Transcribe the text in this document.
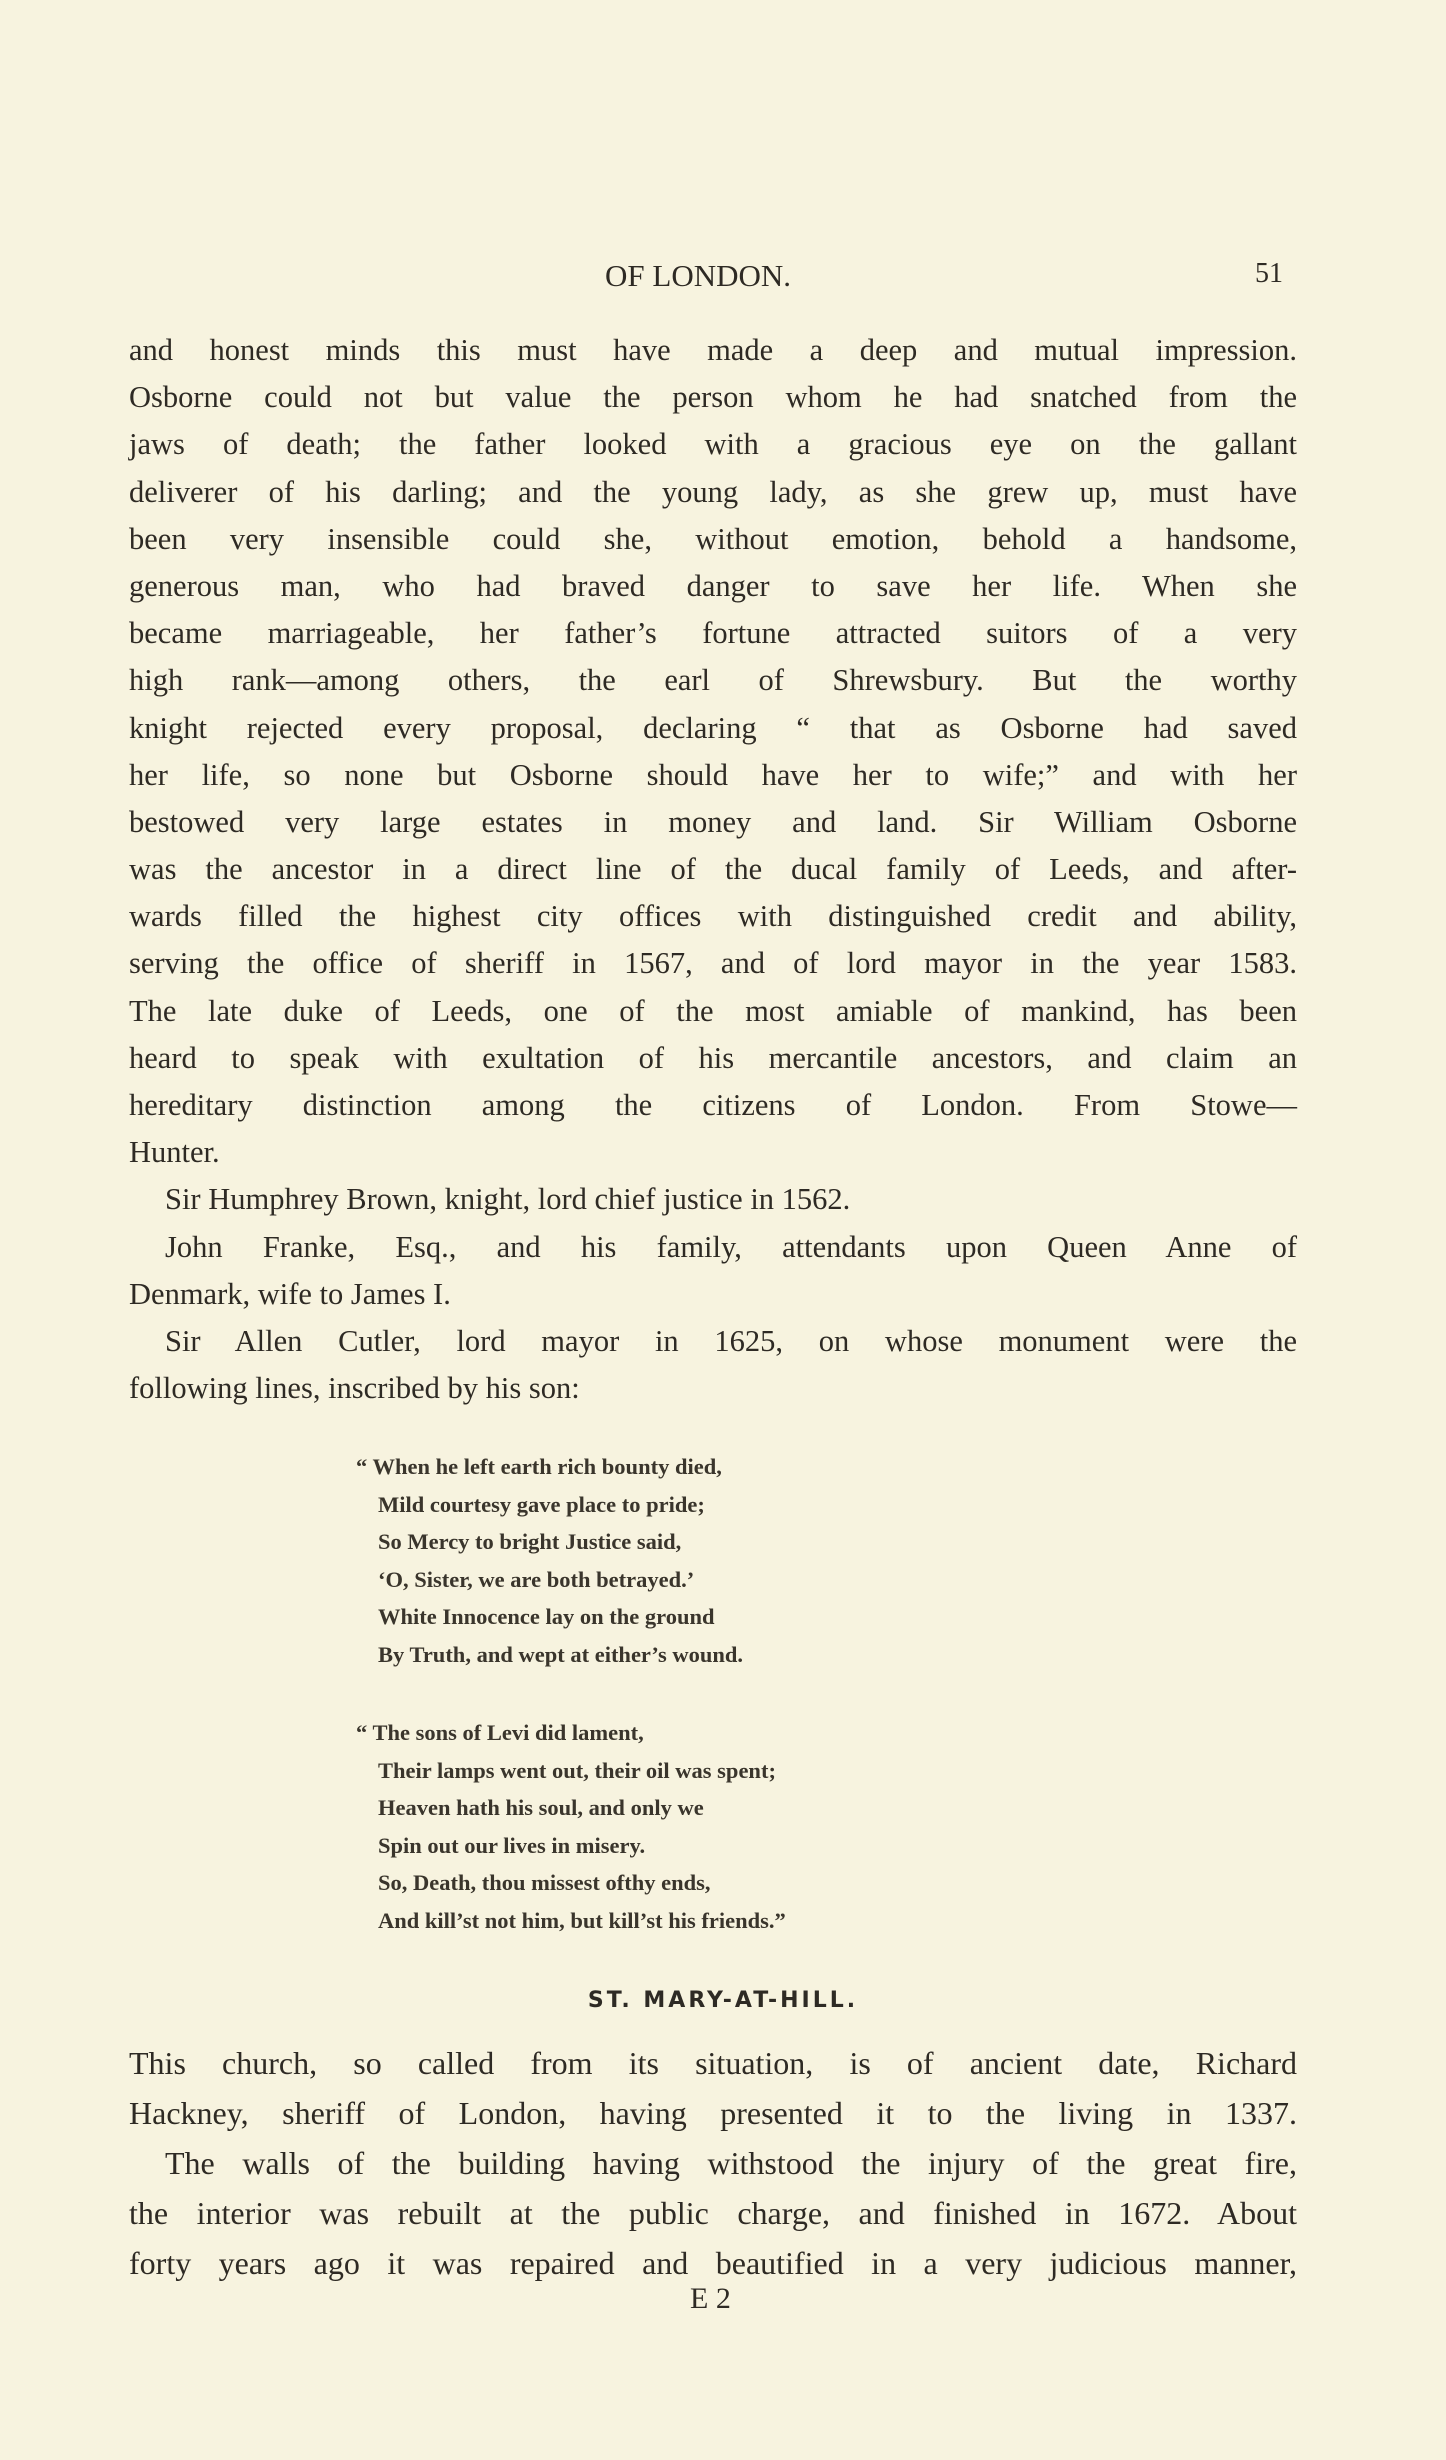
OF LONDON.	51
and honest minds this must have made a deep and mutual impression.
Osborne could not but value the person whom he had snatched from the
jaws of death; the father looked with a gracious eye on the gallant
deliverer of his darling; and the young lady, as she grew up, must have
been very insensible could she, without emotion, behold a handsome,
generous man, who had braved danger to save her life. When she
became marriageable, her father’s fortune attracted suitors of a very
high rank—among others, the earl of Shrewsbury. But the worthy
knight rejected every proposal, declaring “ that as Osborne had saved
her life, so none but Osborne should have her to wife;” and with her
bestowed very large estates in money and land. Sir William Osborne
was the ancestor in a direct line of the ducal family of Leeds, and after-
wards filled the highest city offices with distinguished credit and ability,
serving the office of sheriff in 1567, and of lord mayor in the year 1583.
The late duke of Leeds, one of the most amiable of mankind, has been
heard to speak with exultation of his mercantile ancestors, and claim an
hereditary distinction among the citizens of London. From Stowe—
Hunter.
Sir Humphrey Brown, knight, lord chief justice in 1562.
John Franke, Esq., and his family, attendants upon Queen Anne of
Denmark, wife to James I.
Sir Allen Cutler, lord mayor in 1625, on whose monument were the
following lines, inscribed by his son:
“ When he left earth rich bounty died,
Mild courtesy gave place to pride;
So Mercy to bright Justice said,
‘O, Sister, we are both betrayed.’
White Innocence lay on the ground
By Truth, and wept at either’s wound.
“ The sons of Levi did lament,
Their lamps went out, their oil was spent;
Heaven hath his soul, and only we
Spin out our lives in misery.
So, Death, thou missest ofthy ends,
And kill’st not him, but kill’st his friends.”
ST. MARY-AT-HILL.
This church, so called from its situation, is of ancient date, Richard
Hackney, sheriff of London, having presented it to the living in 1337.
The walls of the building having withstood the injury of the great fire,
the interior was rebuilt at the public charge, and finished in 1672. About
forty years ago it was repaired and beautified in a very judicious manner,
E 2
